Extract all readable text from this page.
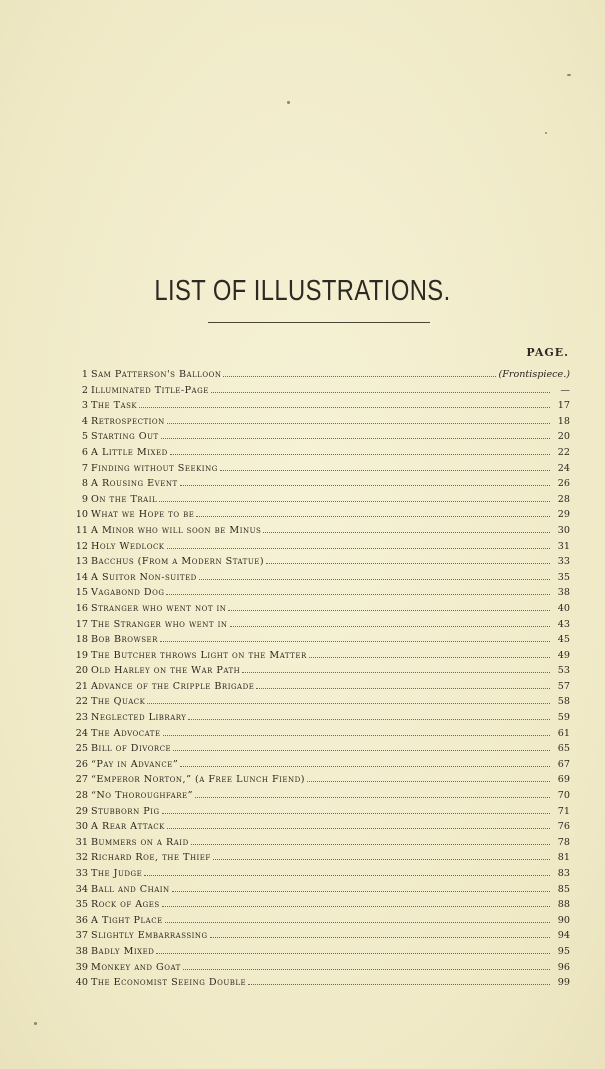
LIST OF ILLUSTRATIONS.
PAGE.
1 Sam Patterson's Balloon	(Frontispiece.)
2 Illuminated Title-Page	—
3 The Task	17
4 Retrospection	18
5 Starting Out	20
6 A Little Mixed	22
7 Finding without Seeking	24
8 A Rousing Event	26
9 On the Trail	28
10 What we Hope to be	29
11 A Minor who will soon be Minus	30
12 Holy Wedlock	31
13 Bacchus (From a Modern Statue)	33
14 A Suitor Non-suited	35
15 Vagabond Dog	38
16 Stranger who went not in	40
17 The Stranger who went in	43
18 Bob Browser	45
19 The Butcher throws Light on the Matter	49
20 Old Harley on the War Path	53
21 Advance of the Cripple Brigade	57
22 The Quack	58
23 Neglected Library	59
24 The Advocate	61
25 Bill of Divorce	65
26 “Pay in Advance”	67
27 “Emperor Norton,” (a Free Lunch Fiend)	69
28 “No Thoroughfare”	70
29 Stubborn Pig	71
30 A Rear Attack	76
31 Bummers on a Raid	78
32 Richard Roe, the Thief	81
33 The Judge	83
34 Ball and Chain	85
35 Rock of Ages	88
36 A Tight Place	90
37 Slightly Embarrassing	94
38 Badly Mixed	95
39 Monkey and Goat	96
40 The Economist Seeing Double	99
